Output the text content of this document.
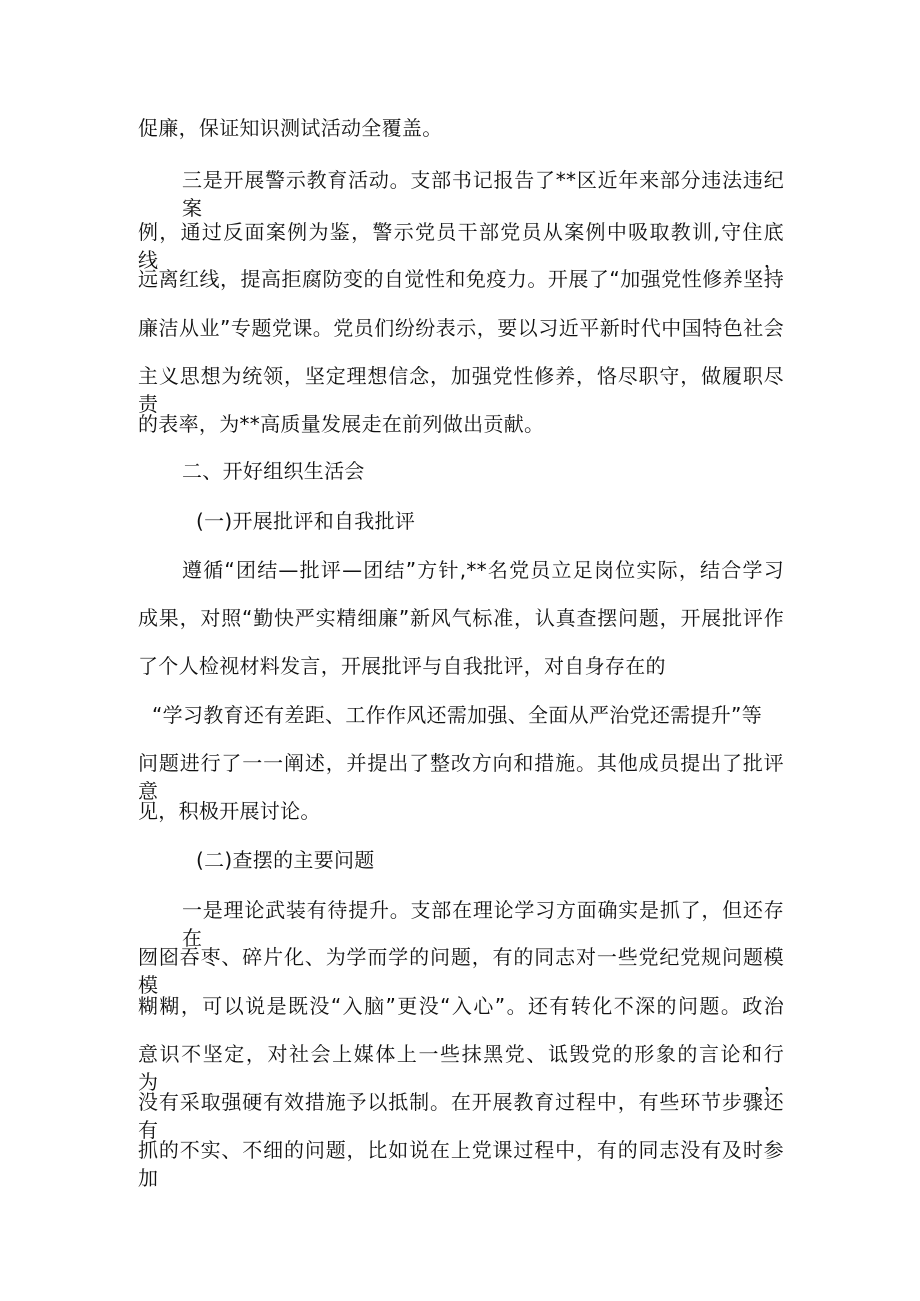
促廉，保证知识测试活动全覆盖。
三是开展警示教育活动。支部书记报告了**区近年来部分违法违纪案
例，通过反面案例为鉴，警示党员干部党员从案例中吸取教训,守住底线，
远离红线，提高拒腐防变的自觉性和免疫力。开展了“加强党性修养坚持
廉洁从业”专题党课。党员们纷纷表示，要以习近平新时代中国特色社会
主义思想为统领，坚定理想信念，加强党性修养，恪尽职守，做履职尽责
的表率，为**高质量发展走在前列做出贡献。
二、开好组织生活会
(一)开展批评和自我批评
遵循“团结—批评—团结”方针,**名党员立足岗位实际，结合学习
成果，对照“勤快严实精细廉”新风气标准，认真查摆问题，开展批评作
了个人检视材料发言，开展批评与自我批评，对自身存在的
“学习教育还有差距、工作作风还需加强、全面从严治党还需提升”等
问题进行了一一阐述，并提出了整改方向和措施。其他成员提出了批评意
见，积极开展讨论。
(二)查摆的主要问题
一是理论武装有待提升。支部在理论学习方面确实是抓了，但还存在
囫囵吞枣、碎片化、为学而学的问题，有的同志对一些党纪党规问题模模
糊糊，可以说是既没“入脑”更没“入心”。还有转化不深的问题。政治
意识不坚定，对社会上媒体上一些抹黑党、诋毁党的形象的言论和行为，
没有采取强硬有效措施予以抵制。在开展教育过程中，有些环节步骤还有
抓的不实、不细的问题，比如说在上党课过程中，有的同志没有及时参加
